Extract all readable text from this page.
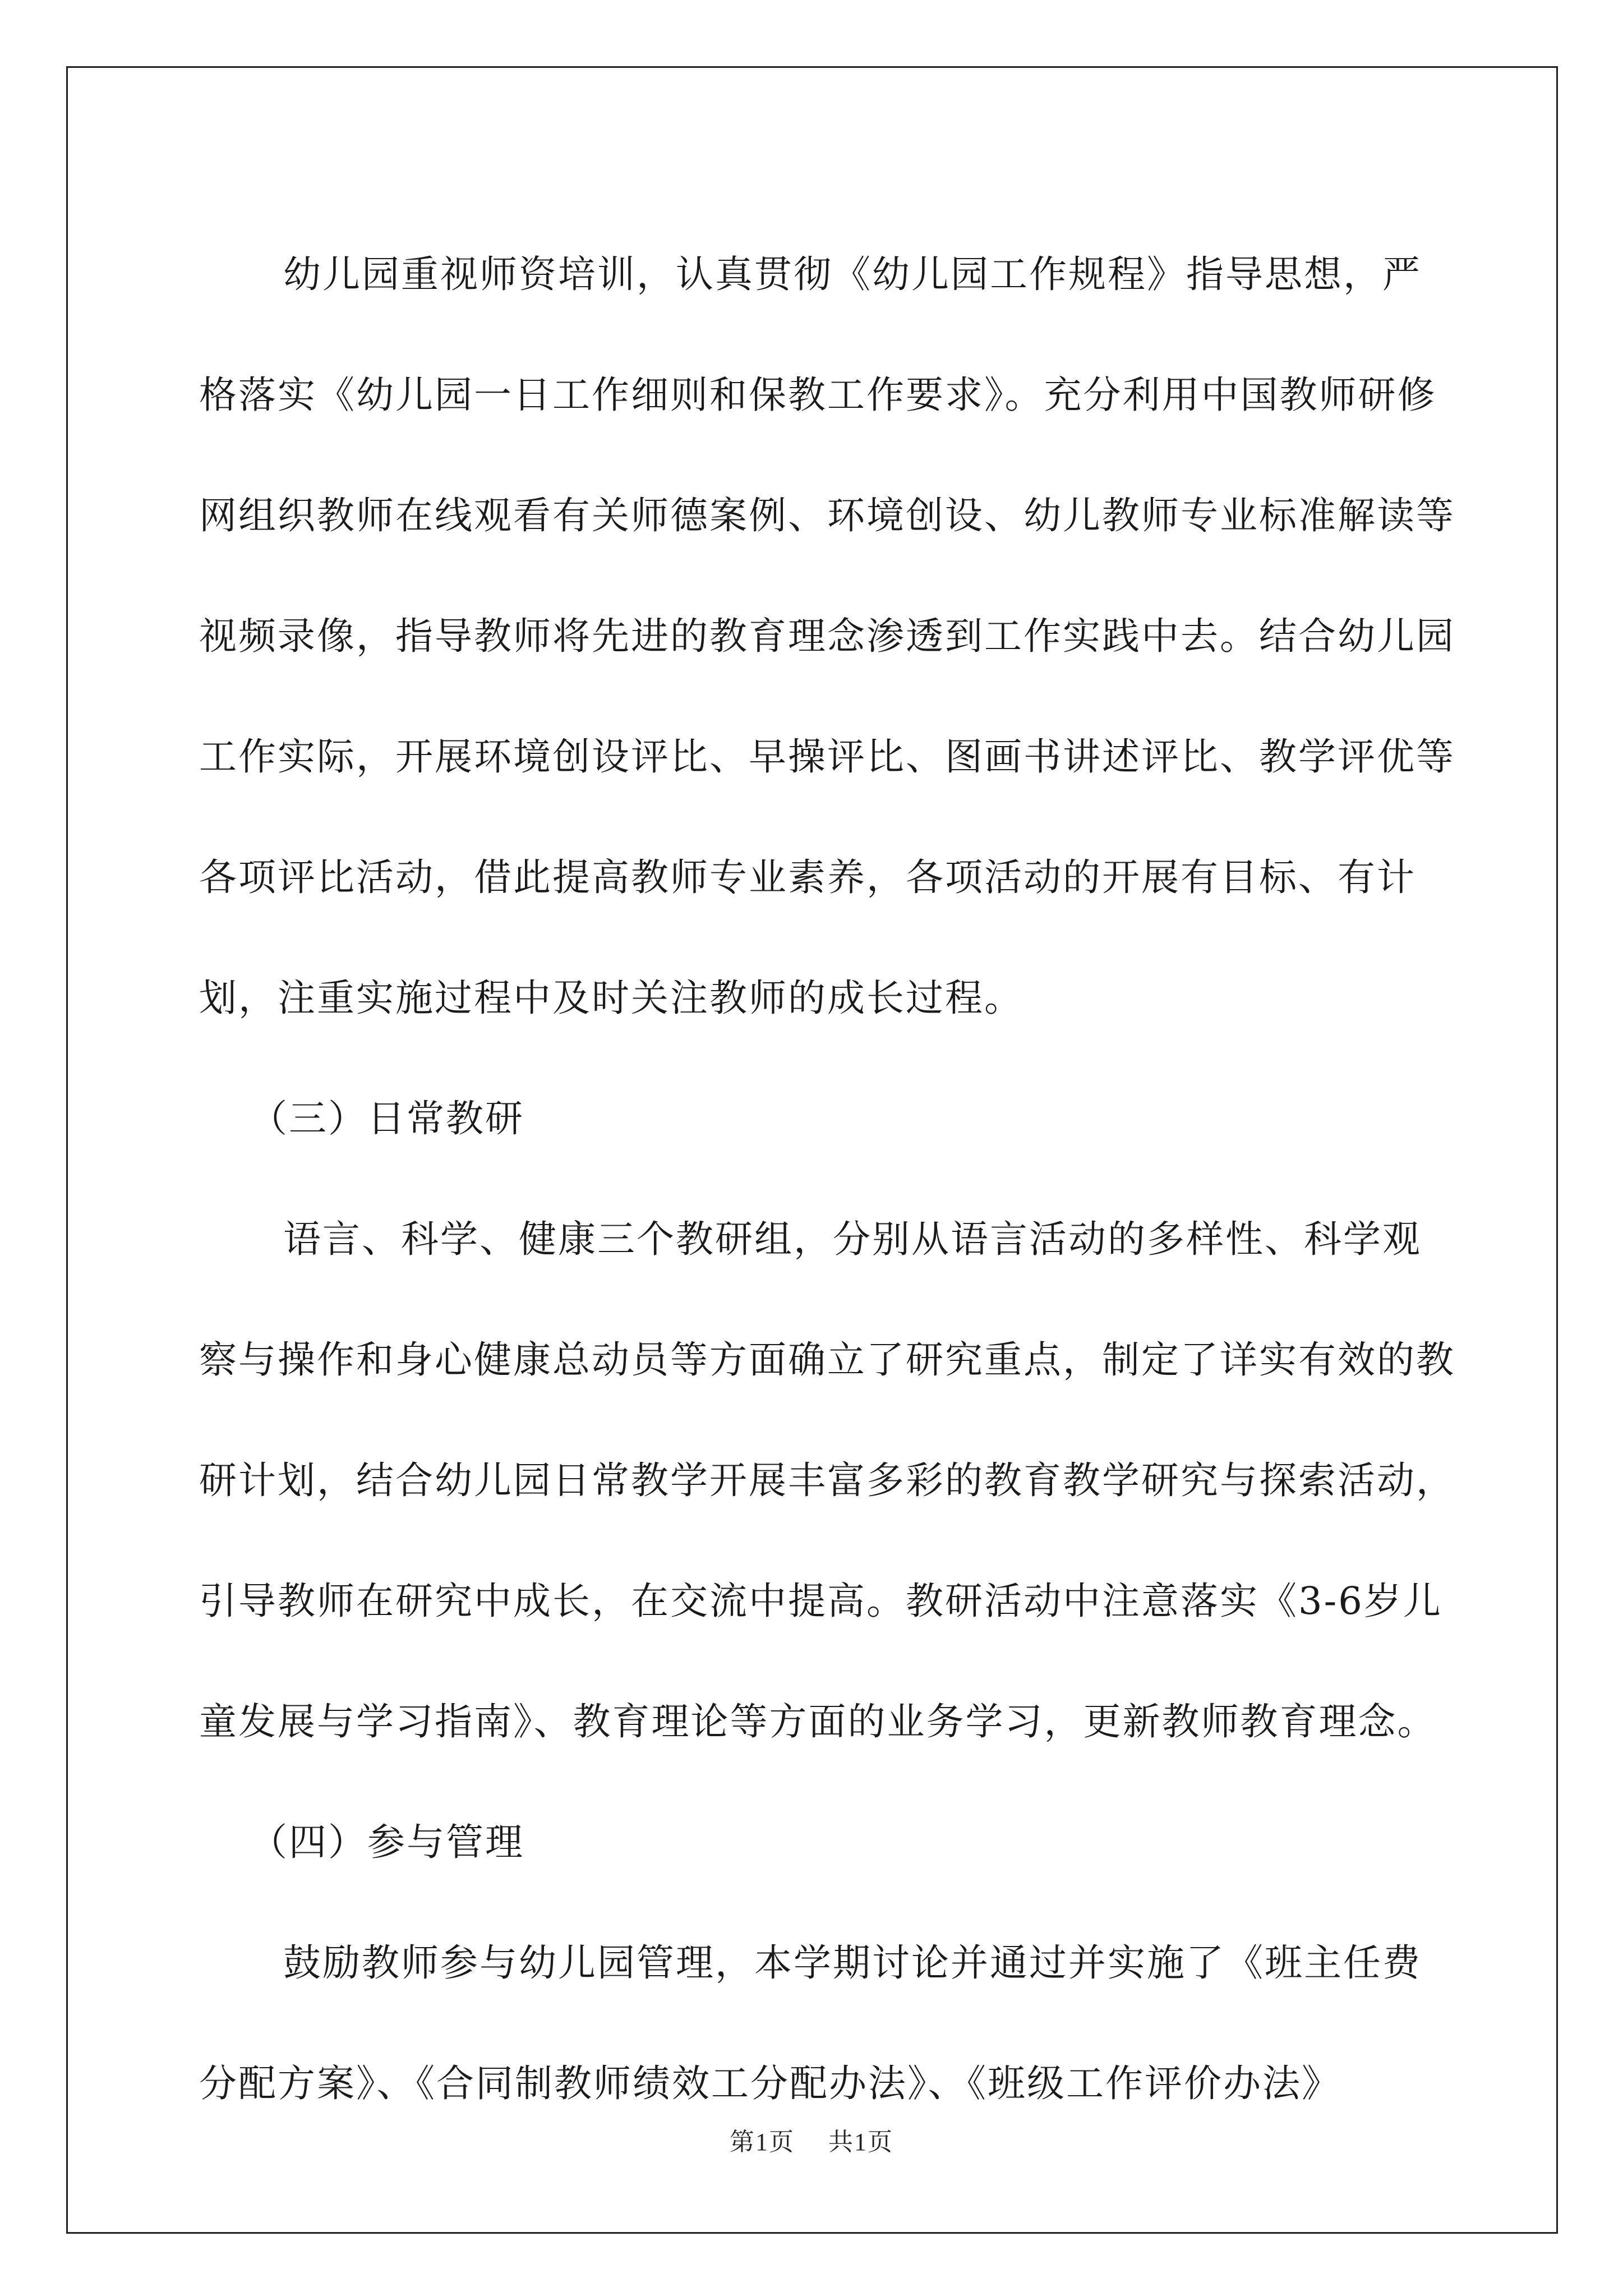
幼儿园重视师资培训，认真贯彻《幼儿园工作规程》指导思想，严格落实《幼儿园一日工作细则和保教工作要求》。充分利用中国教师研修网组织教师在线观看有关师德案例、环境创设、幼儿教师专业标准解读等视频录像，指导教师将先进的教育理念渗透到工作实践中去。结合幼儿园工作实际，开展环境创设评比、早操评比、图画书讲述评比、教学评优等各项评比活动，借此提高教师专业素养，各项活动的开展有目标、有计划，注重实施过程中及时关注教师的成长过程。

（三）日常教研

语言、科学、健康三个教研组，分别从语言活动的多样性、科学观察与操作和身心健康总动员等方面确立了研究重点，制定了详实有效的教研计划，结合幼儿园日常教学开展丰富多彩的教育教学研究与探索活动，引导教师在研究中成长，在交流中提高。教研活动中注意落实《3-6岁儿童发展与学习指南》、教育理论等方面的业务学习，更新教师教育理念。

（四）参与管理

鼓励教师参与幼儿园管理，本学期讨论并通过并实施了《班主任费分配方案》、《合同制教师绩效工分配办法》、《班级工作评价办法》

第1页 共1页
